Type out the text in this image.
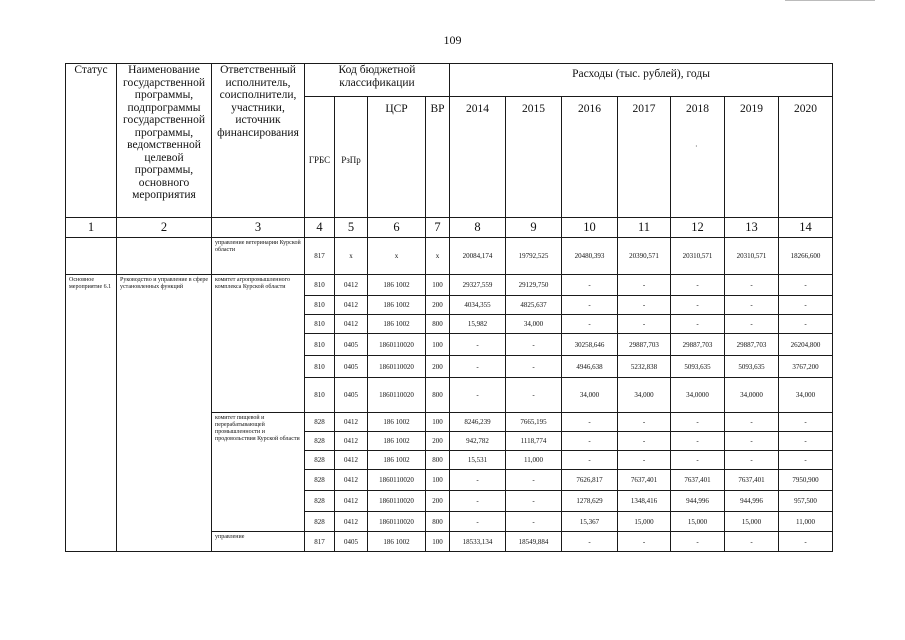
109
·
Статус	Наименование государственной программы, подпрограммы государственной программы, ведомственной целевой программы, основного мероприятия	Ответственный исполнитель, соисполнители, участники, источник финансирования	Код бюджетной классификации				Расходы (тыс. рублей), годы						
			ГРБС	РзПр	ЦСР	ВР	2014	2015	2016	2017	2018	2019	2020
1	2	3	4	5	6	7	8	9	10	11	12	13	14
		управление ветеринарии Курской области	817	х	х	х	20084,174	19792,525	20480,393	20390,571	20310,571	20310,571	18266,600
Основное мероприятие 6.1	Руководство и управление в сфере установленных функций	комитет агропромышленного комплекса Курской области	810	0412	186 1002	100	29327,559	29129,750	-	-	-	-	-
			810	0412	186 1002	200	4034,355	4825,637	-	-	-	-	-
			810	0412	186 1002	800	15,982	34,000	-	-	-	-	-
			810	0405	1860110020	100	-	-	30258,646	29887,703	29887,703	29887,703	26204,800
			810	0405	1860110020	200	-	-	4946,638	5232,838	5093,635	5093,635	3767,200
			810	0405	1860110020	800	-	-	34,000	34,000	34,0000	34,0000	34,000
		комитет пищевой и перерабатывающей промышленности и продовольствия Курской области	828	0412	186 1002	100	8246,239	7665,195	-	-	-	-	-
			828	0412	186 1002	200	942,782	1118,774	-	-	-	-	-
			828	0412	186 1002	800	15,531	11,000	-	-	-	-	-
			828	0412	1860110020	100	-	-	7626,817	7637,401	7637,401	7637,401	7950,900
			828	0412	1860110020	200	-	-	1278,629	1348,416	944,996	944,996	957,500
			828	0412	1860110020	800	-	-	15,367	15,000	15,000	15,000	11,000
		управление	817	0405	186 1002	100	18533,134	18549,884	-	-	-	-	-
